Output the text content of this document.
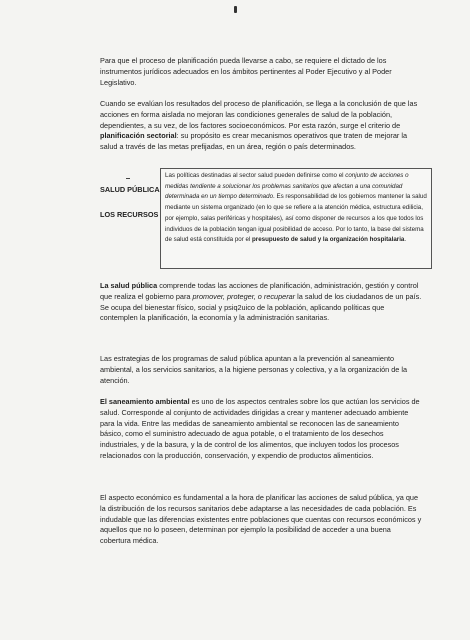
Para que el proceso de planificación pueda llevarse a cabo, se requiere el dictado de los instrumentos jurídicos adecuados en los ámbitos pertinentes al Poder Ejecutivo y al Poder Legislativo.

Cuando se evalúan los resultados del proceso de planificación, se llega a la conclusión de que las acciones en forma aislada no mejoran las condiciones generales de salud de la población, dependientes, a su vez, de los factores socioeconómicos. Por esta razón, surge el criterio de planificación sectorial: su propósito es crear mecanismos operativos que traten de mejorar la salud a través de las metas prefijadas, en un área, región o país determinados.

SALUD PÚBLICA
LOS RECURSOS

Las políticas destinadas al sector salud pueden definirse como el conjunto de acciones o medidas tendiente a solucionar los problemas sanitarios que afectan a una comunidad determinada en un tiempo determinado. Es responsabilidad de los gobiernos mantener la salud mediante un sistema organizado (en lo que se refiere a la atención médica, estructura edilicia, por ejemplo, salas periféricas y hospitales), así como disponer de recursos a los que todos los individuos de la población tengan igual posibilidad de acceso. Por lo tanto, la base del sistema de salud está constituida por el presupuesto de salud y la organización hospitalaria.

La salud pública comprende todas las acciones de planificación, administración, gestión y control que realiza el gobierno para promover, proteger, o recuperar la salud de los ciudadanos de un país. Se ocupa del bienestar físico, social y psiq2uico de la población, aplicando políticas que contemplen la planificación, la economía y la administración sanitarias.

Las estrategias de los programas de salud pública apuntan a la prevención al saneamiento ambiental, a los servicios sanitarios, a la higiene personas y colectiva, y a la organización de la atención.

El saneamiento ambiental es uno de los aspectos centrales sobre los que actúan los servicios de salud. Corresponde al conjunto de actividades dirigidas a crear y mantener adecuado ambiente para la vida. Entre las medidas de saneamiento ambiental se reconocen las de saneamiento básico, como el suministro adecuado de agua potable, o el tratamiento de los desechos industriales, y de la basura, y la de control de los alimentos, que incluyen todos los procesos relacionados con la producción, conservación, y expendio de productos alimenticios.

El aspecto económico es fundamental a la hora de planificar las acciones de salud pública, ya que la distribución de los recursos sanitarios debe adaptarse a las necesidades de cada población. Es indudable que las diferencias existentes entre poblaciones que cuentas con recursos económicos y aquellos que no lo poseen, determinan por ejemplo la posibilidad de acceder a una buena cobertura médica.
